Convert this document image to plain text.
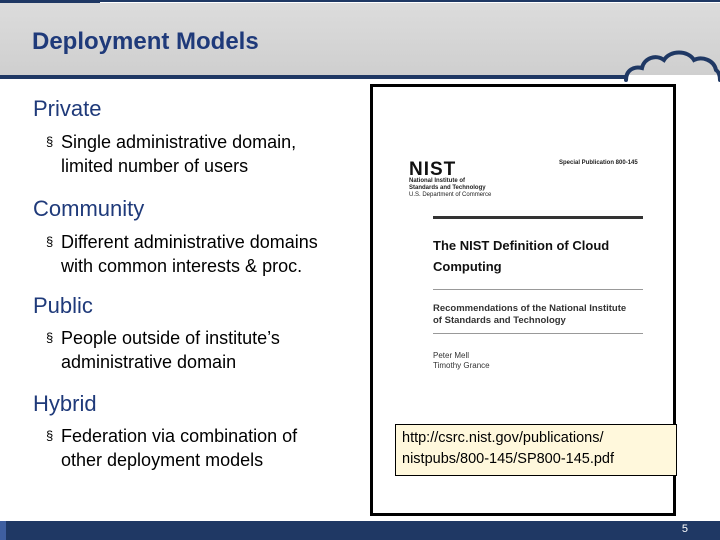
Deployment Models
Private
§ Single administrative domain,
limited number of users
Community
§ Different administrative domains
with common interests & proc.
Public
§ People outside of institute’s
administrative domain
Hybrid
§ Federation via combination of
other deployment models
NIST
National Institute of
Standards and Technology
U.S. Department of Commerce
Special Publication 800-145
The NIST Definition of Cloud
Computing
Recommendations of the National Institute
of Standards and Technology
Peter Mell
Timothy Grance
http://csrc.nist.gov/publications/
nistpubs/800-145/SP800-145.pdf
5
